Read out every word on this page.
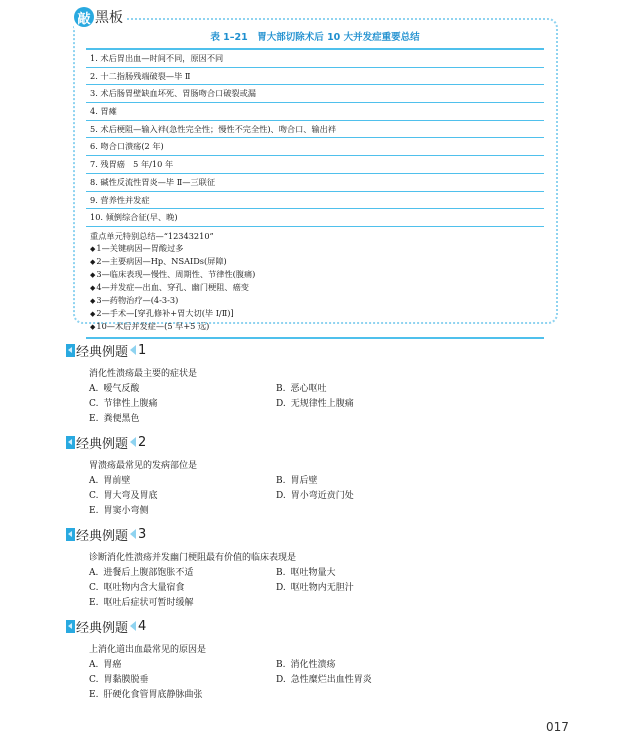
敲 黑板
表 1–21　胃大部切除术后 10 大并发症重要总结
1. 术后胃出血—时间不同，原因不同
2. 十二指肠残端破裂—毕 Ⅱ
3. 术后肠胃壁缺血坏死、胃肠吻合口破裂或漏
4. 胃瘫
5. 术后梗阻—输入袢(急性完全性；慢性不完全性)、吻合口、输出袢
6. 吻合口溃疡(2 年)
7. 残胃癌　5 年/10 年
8. 碱性反流性胃炎—毕 Ⅱ—三联征
9. 营养性并发症
10. 倾倒综合征(早、晚)
重点单元特别总结—“12343210”
◆1—关键病因—胃酸过多
◆2—主要病因—Hp、NSAIDs(屏障)
◆3—临床表现—慢性、周期性、节律性(腹痛)
◆4—并发症—出血、穿孔、幽门梗阻、癌变
◆3—药物治疗—(4-3-3)
◆2—手术—[穿孔修补+胃大切(毕 Ⅰ/Ⅱ)]
◆10—术后并发症—(5 早+5 远)
经典例题 1
消化性溃疡最主要的症状是
A. 嗳气反酸	B. 恶心呕吐
C. 节律性上腹痛	D. 无规律性上腹痛
E. 粪便黑色
经典例题 2
胃溃疡最常见的发病部位是
A. 胃前壁	B. 胃后壁
C. 胃大弯及胃底	D. 胃小弯近贲门处
E. 胃窦小弯侧
经典例题 3
诊断消化性溃疡并发幽门梗阻最有价值的临床表现是
A. 进餐后上腹部饱胀不适	B. 呕吐物量大
C. 呕吐物内含大量宿食	D. 呕吐物内无胆汁
E. 呕吐后症状可暂时缓解
经典例题 4
上消化道出血最常见的原因是
A. 胃癌	B. 消化性溃疡
C. 胃黏膜脱垂	D. 急性糜烂出血性胃炎
E. 肝硬化食管胃底静脉曲张
017
